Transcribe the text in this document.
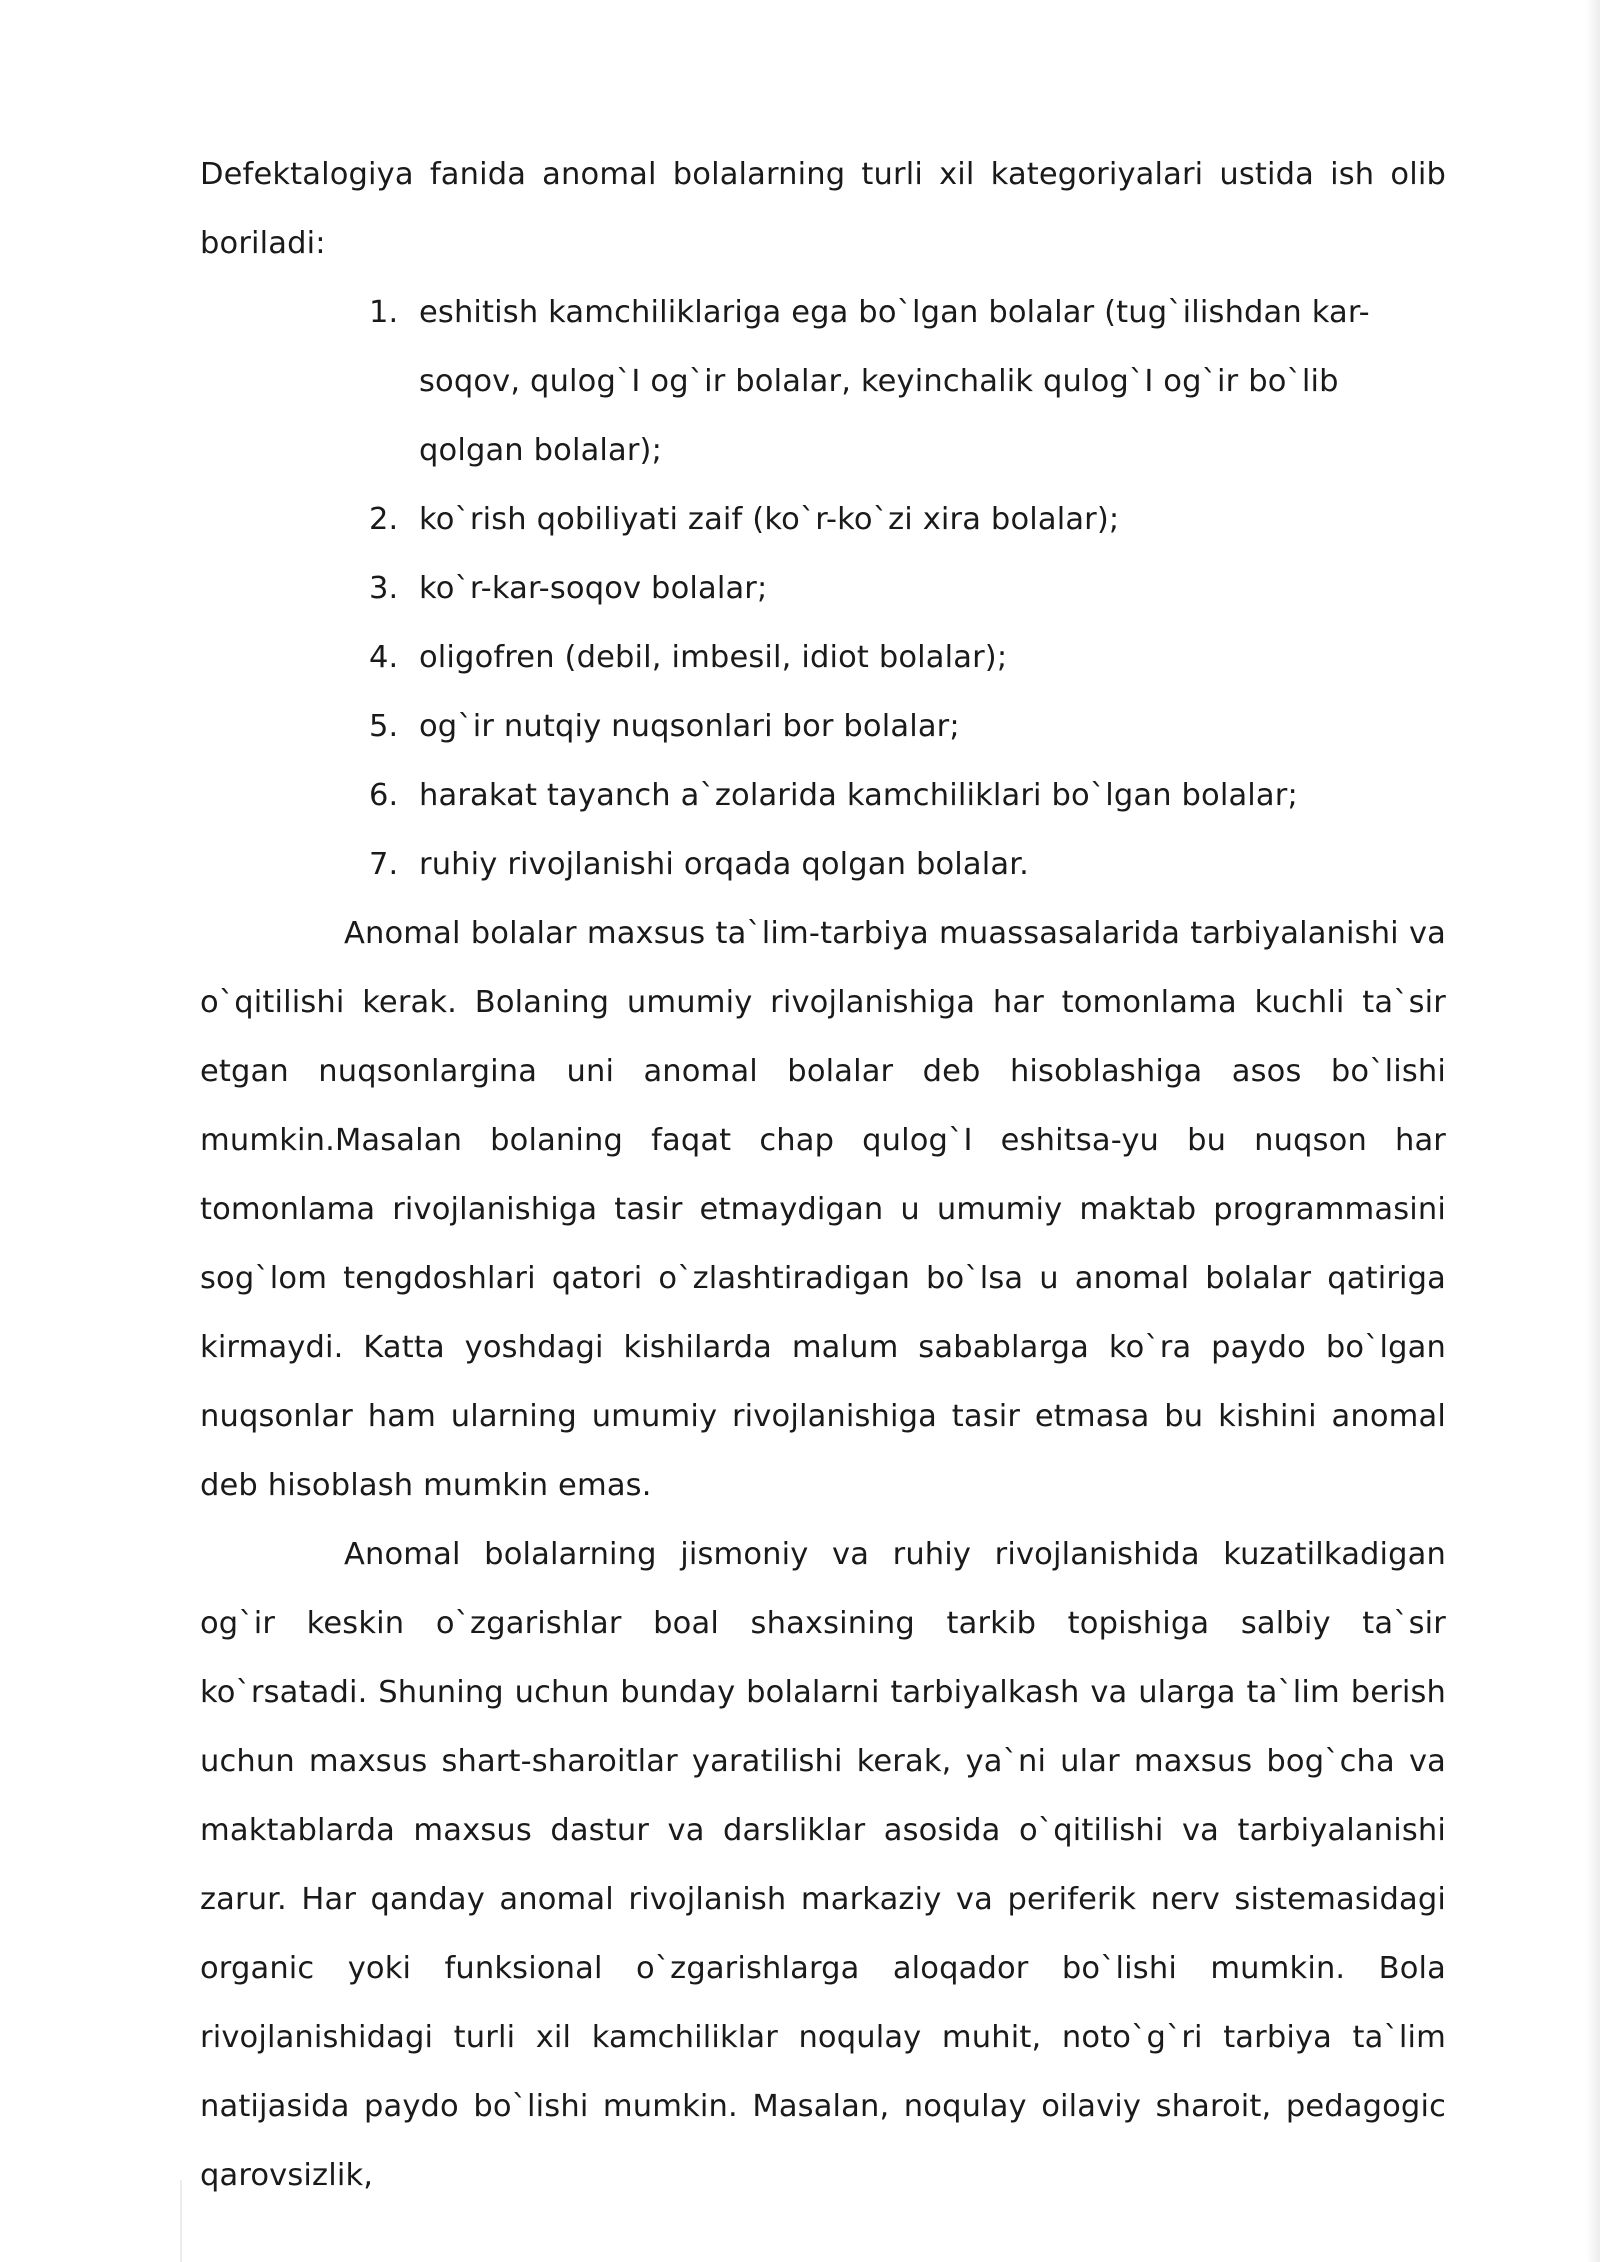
Defektalogiya fanida anomal bolalarning turli xil kategoriyalari ustida ish olib boriladi:

1. eshitish kamchiliklariga ega bo`lgan bolalar (tug`ilishdan kar-soqov, qulog`I og`ir bolalar, keyinchalik qulog`I og`ir bo`lib qolgan bolalar);
2. ko`rish qobiliyati zaif (ko`r-ko`zi xira bolalar);
3. ko`r-kar-soqov bolalar;
4. oligofren (debil, imbesil, idiot bolalar);
5. og`ir nutqiy nuqsonlari bor bolalar;
6. harakat tayanch a`zolarida kamchiliklari bo`lgan bolalar;
7. ruhiy rivojlanishi orqada qolgan bolalar.

Anomal bolalar maxsus ta`lim-tarbiya muassasalarida tarbiyalanishi va o`qitilishi kerak. Bolaning umumiy rivojlanishiga har tomonlama kuchli ta`sir etgan nuqsonlargina uni anomal bolalar deb hisoblashiga asos bo`lishi mumkin.Masalan bolaning faqat chap qulog`I eshitsa-yu bu nuqson har tomonlama rivojlanishiga tasir etmaydigan u umumiy maktab programmasini sog`lom tengdoshlari qatori o`zlashtiradigan bo`lsa u anomal bolalar qatiriga kirmaydi. Katta yoshdagi kishilarda malum sabablarga ko`ra paydo bo`lgan nuqsonlar ham ularning umumiy rivojlanishiga tasir etmasa bu kishini anomal deb hisoblash mumkin emas.

Anomal bolalarning jismoniy va ruhiy rivojlanishida kuzatilkadigan og`ir keskin o`zgarishlar boal shaxsining tarkib topishiga salbiy ta`sir ko`rsatadi. Shuning uchun bunday bolalarni tarbiyalkash va ularga ta`lim berish uchun maxsus shart-sharoitlar yaratilishi kerak, ya`ni ular maxsus bog`cha va maktablarda maxsus dastur va darsliklar asosida o`qitilishi va tarbiyalanishi zarur. Har qanday anomal rivojlanish markaziy va periferik nerv sistemasidagi organic yoki funksional o`zgarishlarga aloqador bo`lishi mumkin. Bola rivojlanishidagi turli xil kamchiliklar noqulay muhit, noto`g`ri tarbiya ta`lim natijasida paydo bo`lishi mumkin. Masalan, noqulay oilaviy sharoit, pedagogic qarovsizlik,
